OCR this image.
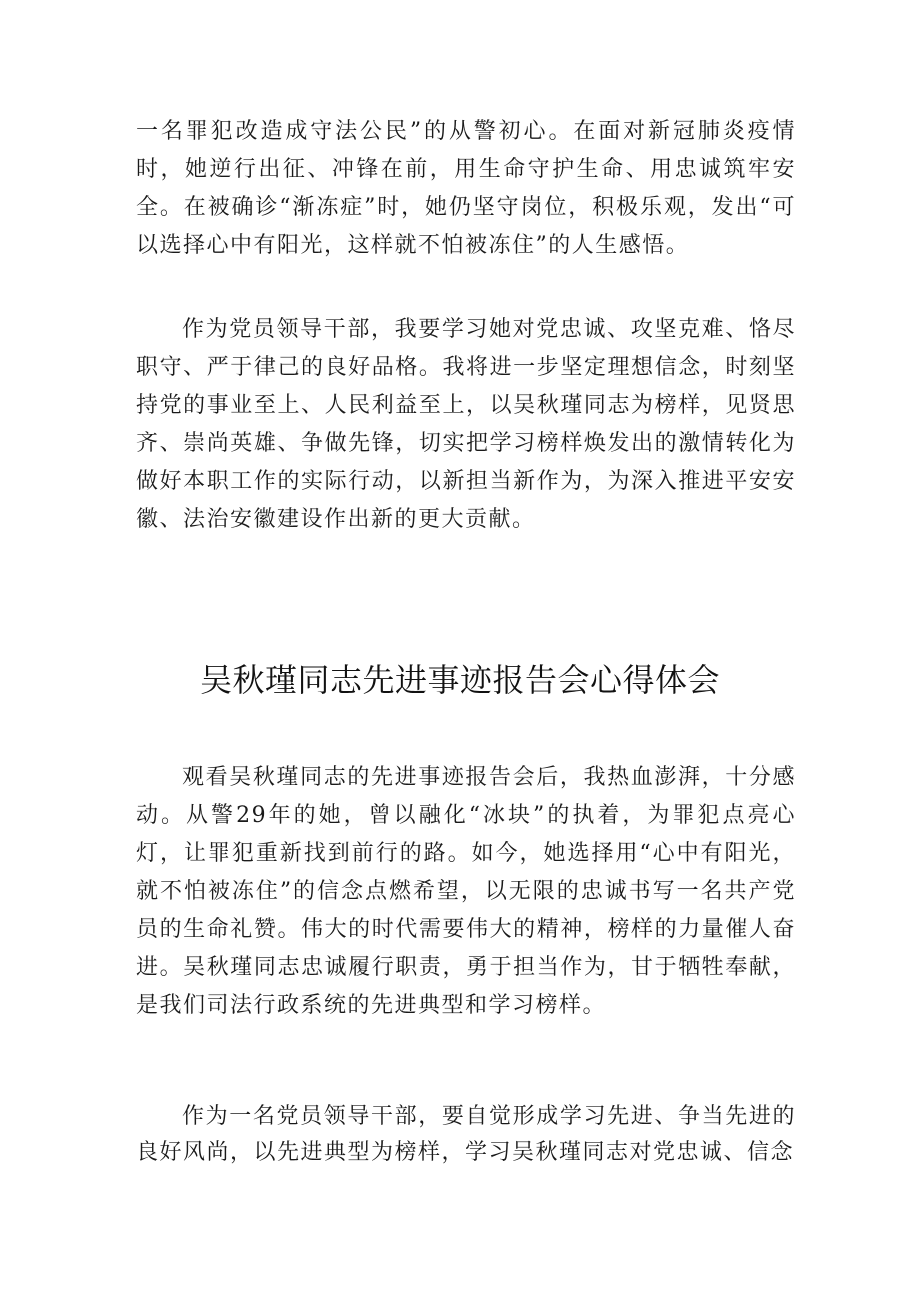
一名罪犯改造成守法公民”的从警初心。在面对新冠肺炎疫情时，她逆行出征、冲锋在前，用生命守护生命、用忠诚筑牢安全。在被确诊“渐冻症”时，她仍坚守岗位，积极乐观，发出“可以选择心中有阳光，这样就不怕被冻住”的人生感悟。

作为党员领导干部，我要学习她对党忠诚、攻坚克难、恪尽职守、严于律己的良好品格。我将进一步坚定理想信念，时刻坚持党的事业至上、人民利益至上，以吴秋瑾同志为榜样，见贤思齐、崇尚英雄、争做先锋，切实把学习榜样焕发出的激情转化为做好本职工作的实际行动，以新担当新作为，为深入推进平安安徽、法治安徽建设作出新的更大贡献。

吴秋瑾同志先进事迹报告会心得体会

观看吴秋瑾同志的先进事迹报告会后，我热血澎湃，十分感动。从警29年的她，曾以融化“冰块”的执着，为罪犯点亮心灯，让罪犯重新找到前行的路。如今，她选择用“心中有阳光，就不怕被冻住”的信念点燃希望，以无限的忠诚书写一名共产党员的生命礼赞。伟大的时代需要伟大的精神，榜样的力量催人奋进。吴秋瑾同志忠诚履行职责，勇于担当作为，甘于牺牲奉献，是我们司法行政系统的先进典型和学习榜样。

作为一名党员领导干部，要自觉形成学习先进、争当先进的良好风尚，以先进典型为榜样，学习吴秋瑾同志对党忠诚、信念
